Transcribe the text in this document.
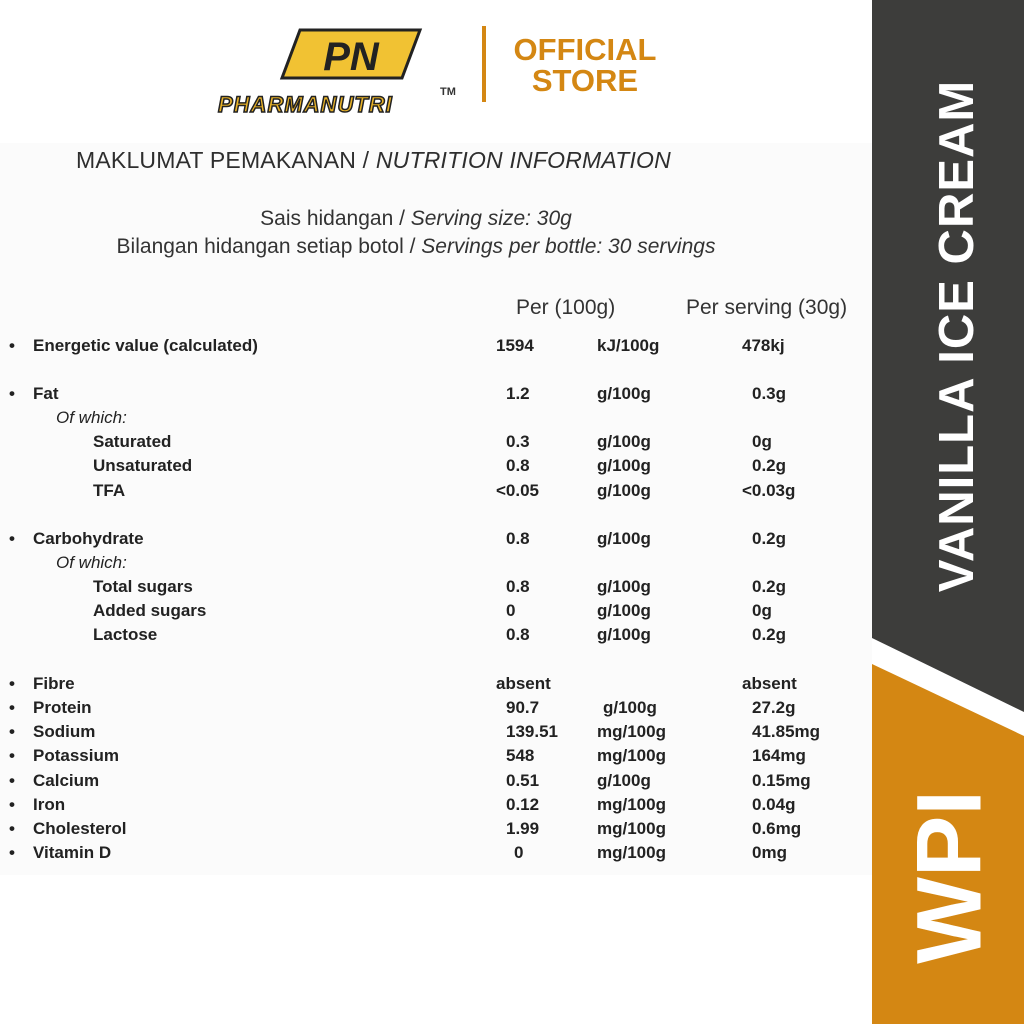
PN
PHARMANUTRI	TM
OFFICIAL
STORE
MAKLUMAT PEMAKANAN / NUTRITION INFORMATION
Sais hidangan / Serving size: 30g
Bilangan hidangan setiap botol / Servings per bottle: 30 servings
Per (100g)	Per serving (30g)
• Energetic value (calculated)	1594	kJ/100g	478kj
• Fat	1.2	g/100g	0.3g
Of which:
Saturated	0.3	g/100g	0g
Unsaturated	0.8	g/100g	0.2g
TFA	<0.05	g/100g	<0.03g
• Carbohydrate	0.8	g/100g	0.2g
Of which:
Total sugars	0.8	g/100g	0.2g
Added sugars	0	g/100g	0g
Lactose	0.8	g/100g	0.2g
• Fibre	absent	absent
• Protein	90.7	g/100g	27.2g
• Sodium	139.51 mg/100g	41.85mg
• Potassium	548	mg/100g	164mg
• Calcium	0.51	g/100g	0.15mg
• Iron	0.12	mg/100g	0.04g
• Cholesterol	1.99	mg/100g	0.6mg
• Vitamin D	0	mg/100g	0mg
VANILLA ICE CREAM
WPI
